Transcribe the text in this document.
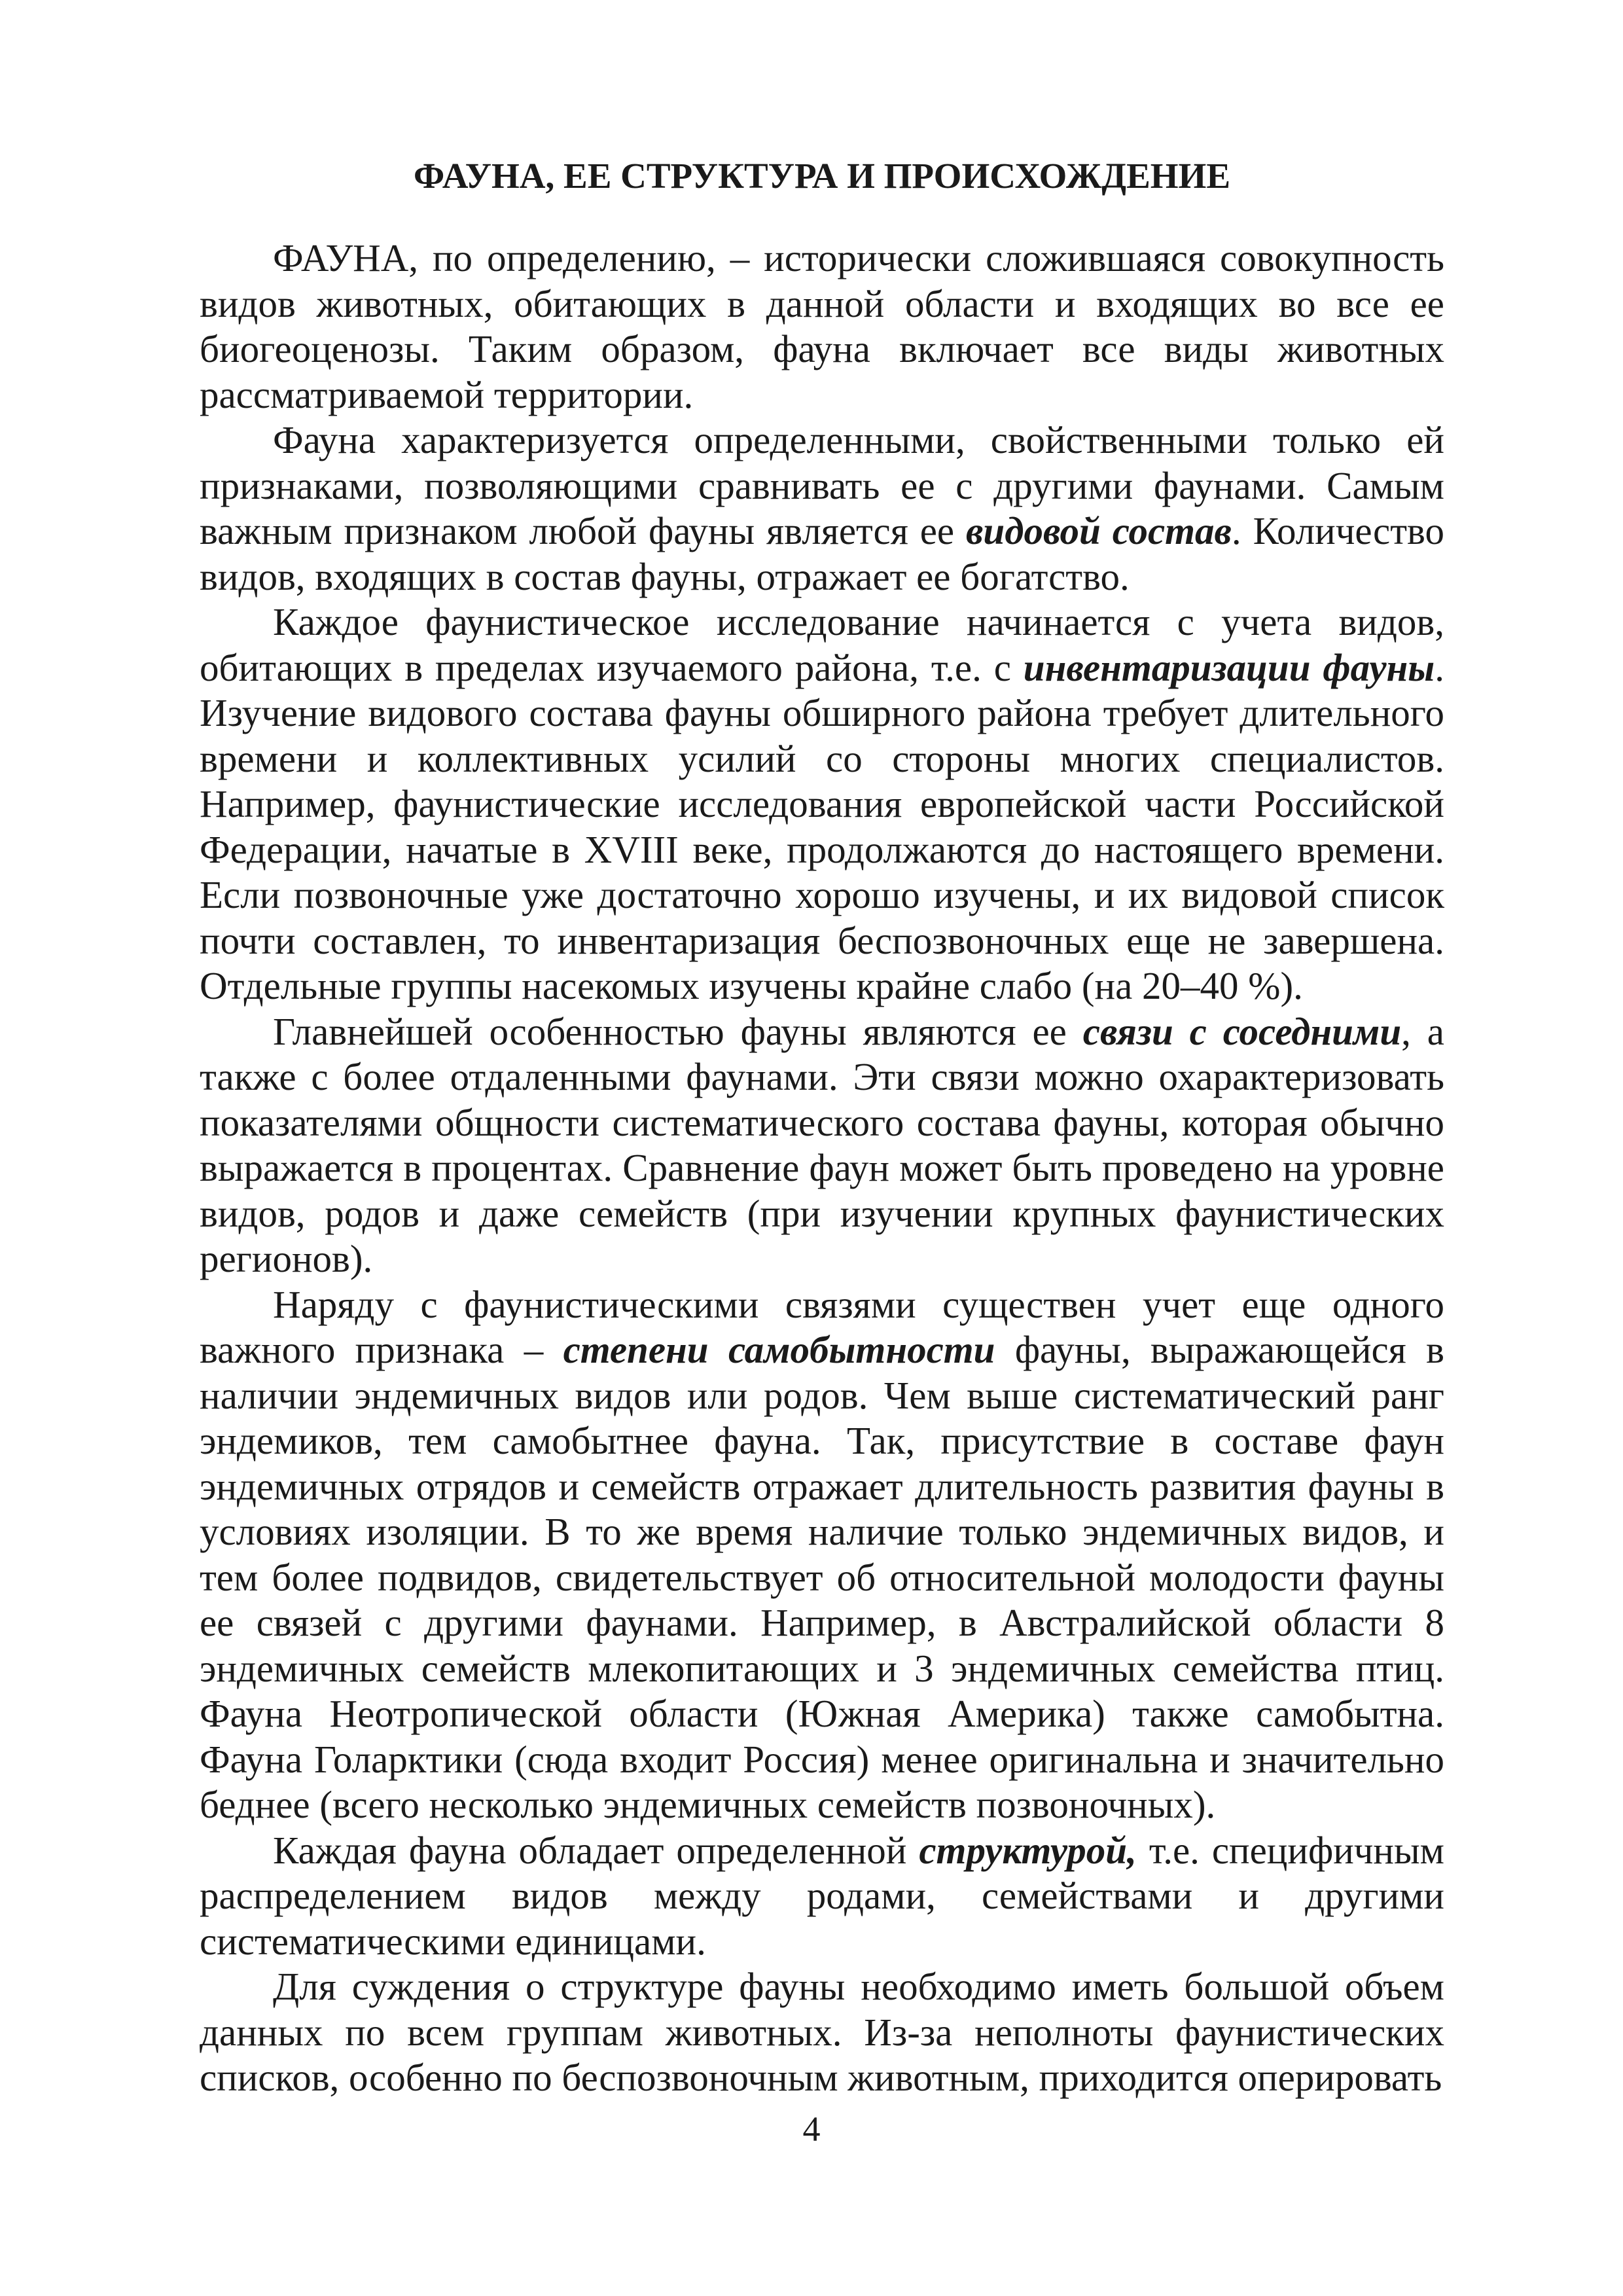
ФАУНА, ЕЕ СТРУКТУРА И ПРОИСХОЖДЕНИЕ

ФАУНА, по определению, – исторически сложившаяся совокупность видов животных, обитающих в данной области и входящих во все ее биогеоценозы. Таким образом, фауна включает все виды животных рассматриваемой территории.

Фауна характеризуется определенными, свойственными только ей признаками, позволяющими сравнивать ее с другими фаунами. Самым важным признаком любой фауны является ее видовой состав. Количество видов, входящих в состав фауны, отражает ее богатство.

Каждое фаунистическое исследование начинается с учета видов, обитающих в пределах изучаемого района, т.е. с инвентаризации фауны. Изучение видового состава фауны обширного района требует длительного времени и коллективных усилий со стороны многих специалистов. Например, фаунистические исследования европейской части Российской Федерации, начатые в XVIII веке, продолжаются до настоящего времени. Если позвоночные уже достаточно хорошо изучены, и их видовой список почти составлен, то инвентаризация беспозвоночных еще не завершена. Отдельные группы насекомых изучены крайне слабо (на 20–40 %).

Главнейшей особенностью фауны являются ее связи с соседними, а также с более отдаленными фаунами. Эти связи можно охарактеризовать показателями общности систематического состава фауны, которая обычно выражается в процентах. Сравнение фаун может быть проведено на уровне видов, родов и даже семейств (при изучении крупных фаунистических регионов).

Наряду с фаунистическими связями существен учет еще одного важного признака – степени самобытности фауны, выражающейся в наличии эндемичных видов или родов. Чем выше систематический ранг эндемиков, тем самобытнее фауна. Так, присутствие в составе фаун эндемичных отрядов и семейств отражает длительность развития фауны в условиях изоляции. В то же время наличие только эндемичных видов, и тем более подвидов, свидетельствует об относительной молодости фауны ее связей с другими фаунами. Например, в Австралийской области 8 эндемичных семейств млекопитающих и 3 эндемичных семейства птиц. Фауна Неотропической области (Южная Америка) также самобытна. Фауна Голарктики (сюда входит Россия) менее оригинальна и значительно беднее (всего несколько эндемичных семейств позвоночных).

Каждая фауна обладает определенной структурой, т.е. специфичным распределением видов между родами, семействами и другими систематическими единицами.

Для суждения о структуре фауны необходимо иметь большой объем данных по всем группам животных. Из-за неполноты фаунистических списков, особенно по беспозвоночным животным, приходится оперировать

4
